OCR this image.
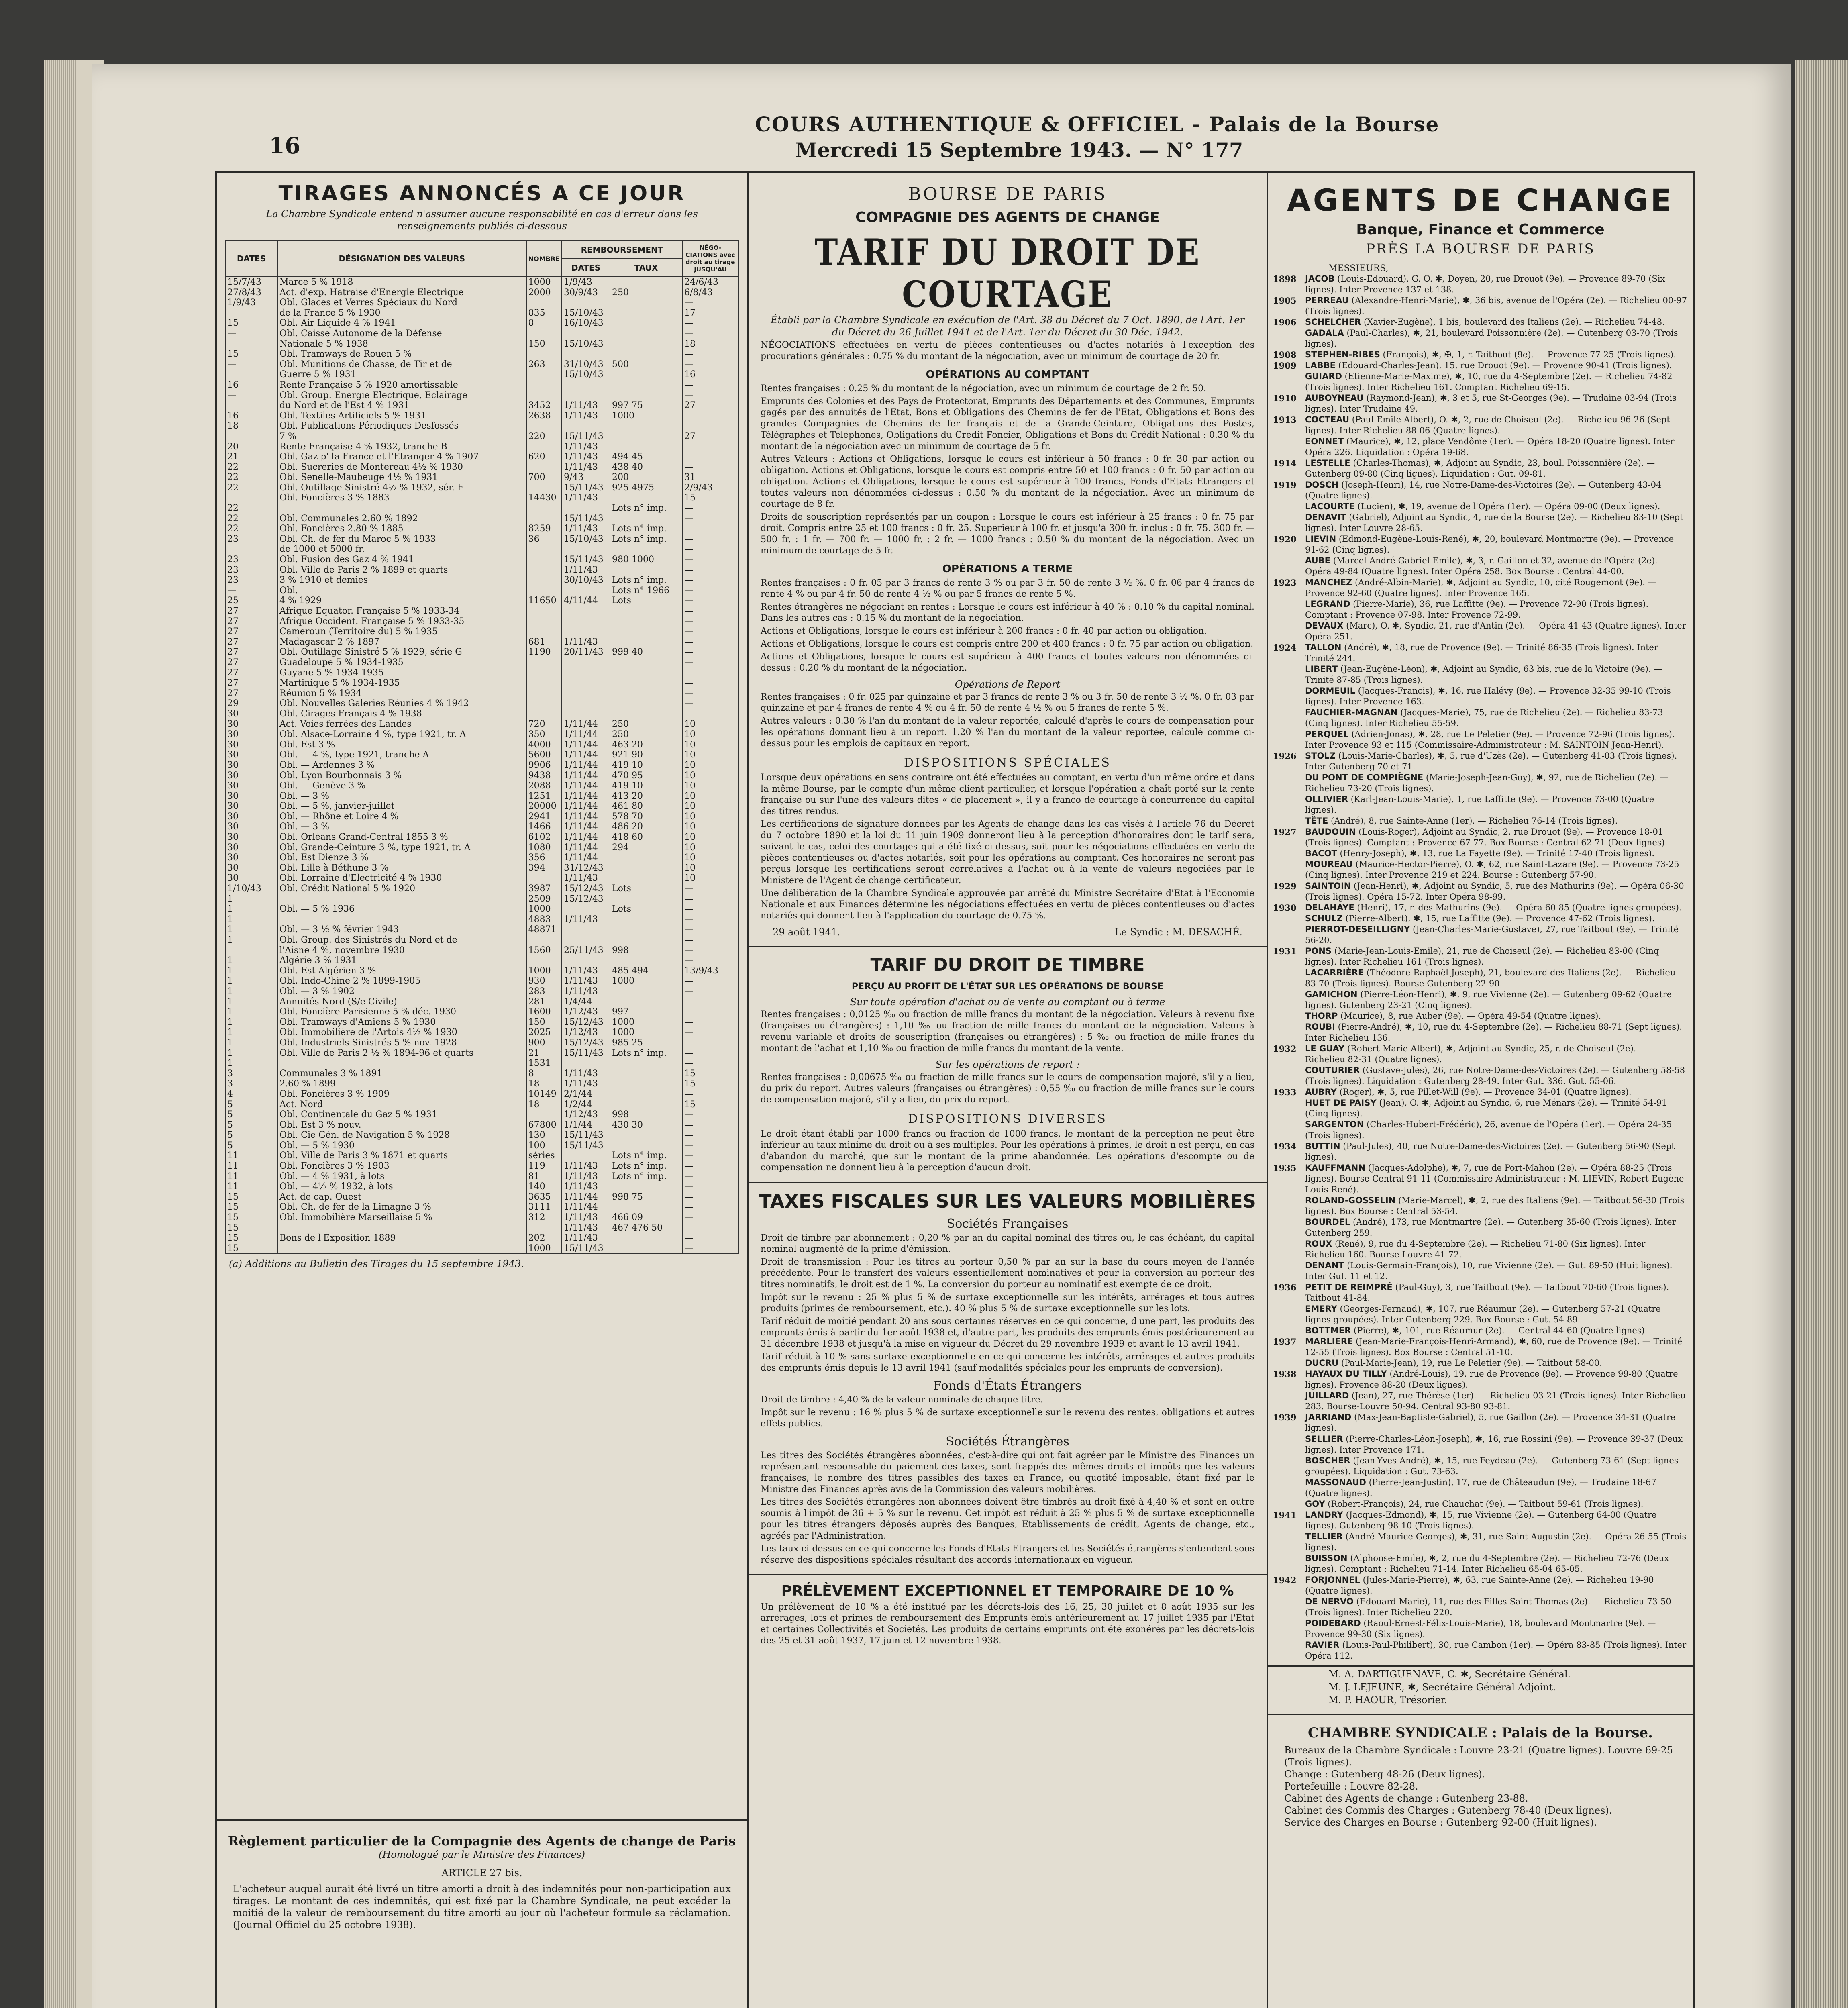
16
COURS AUTHENTIQUE & OFFICIEL - Palais de la Bourse
Mercredi 15 Septembre 1943. — N° 177
TIRAGES ANNONCÉS A CE JOUR
La Chambre Syndicale entend n'assumer aucune responsabilité en cas d'erreur dans les renseignements publiés ci-dessous
DATES	DÉSIGNATION DES VALEURS	NOMBRE	REMBOURSEMENT		NÉGO-CIATIONS avec droit au tirage JUSQU'AU
			DATES	TAUX	
15/7/43	Marce 5 % 1918	1000	1/9/43		24/6/43
27/8/43	Act. d'exp. Hatraise d'Energie Electrique	2000	30/9/43	250	6/8/43
1/9/43	Obl. Glaces et Verres Spéciaux du Nord				—
	de la France 5 % 1930	835	15/10/43		17
15	Obl. Air Liquide 4 % 1941	8	16/10/43		—
—	Obl. Caisse Autonome de la Défense				—
	Nationale 5 % 1938	150	15/10/43		18
15	Obl. Tramways de Rouen 5 %				—
—	Obl. Munitions de Chasse, de Tir et de	263	31/10/43	500	—
	Guerre 5 % 1931		15/10/43		16
16	Rente Française 5 % 1920 amortissable				—
—	Obl. Group. Energie Electrique, Eclairage				—
	du Nord et de l'Est 4 % 1931	3452	1/11/43	997 75	27
16	Obl. Textiles Artificiels 5 % 1931	2638	1/11/43	1000	—
18	Obl. Publications Périodiques Desfossés				—
	7 %	220	15/11/43		27
20	Rente Française 4 % 1932, tranche B		1/11/43		—
21	Obl. Gaz p' la France et l'Etranger 4 % 1907	620	1/11/43	494 45	—
22	Obl. Sucreries de Montereau 4½ % 1930		1/11/43	438 40	—
22	Obl. Senelle-Maubeuge 4½ % 1931	700	9/43	200	31
22	Obl. Outillage Sinistré 4½ % 1932, sér. F		15/11/43	925 4975	2/9/43
—	Obl. Foncières 3 % 1883	14430	1/11/43		15
22				Lots n° imp.	—
22	Obl. Communales 2.60 % 1892		15/11/43		—
22	Obl. Foncières 2.80 % 1885	8259	1/11/43	Lots n° imp.	—
23	Obl. Ch. de fer du Maroc 5 % 1933	36	15/10/43	Lots n° imp.	—
	de 1000 et 5000 fr.				—
23	Obl. Fusion des Gaz 4 % 1941		15/11/43	980 1000	—
23	Obl. Ville de Paris 2 % 1899 et quarts		1/11/43		—
23	3 % 1910 et demies		30/10/43	Lots n° imp.	—
—	Obl.			Lots n° 1966	—
25	4 % 1929	11650	4/11/44	Lots	—
27	Afrique Equator. Française 5 % 1933-34				—
27	Afrique Occident. Française 5 % 1933-35				—
27	Cameroun (Territoire du) 5 % 1935				—
27	Madagascar 2 % 1897	681	1/11/43		—
27	Obl. Outillage Sinistré 5 % 1929, série G	1190	20/11/43	999 40	—
27	Guadeloupe 5 % 1934-1935				—
27	Guyane 5 % 1934-1935				—
27	Martinique 5 % 1934-1935				—
27	Réunion 5 % 1934				—
29	Obl. Nouvelles Galeries Réunies 4 % 1942				—
30	Obl. Cirages Français 4 % 1938				—
30	Act. Voies ferrées des Landes	720	1/11/44	250	10
30	Obl. Alsace-Lorraine 4 %, type 1921, tr. A	350	1/11/44	250	10
30	Obl. Est 3 %	4000	1/11/44	463 20	10
30	Obl. — 4 %, type 1921, tranche A	5600	1/11/44	921 90	10
30	Obl. — Ardennes 3 %	9906	1/11/44	419 10	10
30	Obl. Lyon Bourbonnais 3 %	9438	1/11/44	470 95	10
30	Obl. — Genève 3 %	2088	1/11/44	419 10	10
30	Obl. — 3 %	1251	1/11/44	413 20	10
30	Obl. — 5 %, janvier-juillet	20000	1/11/44	461 80	10
30	Obl. — Rhône et Loire 4 %	2941	1/11/44	578 70	10
30	Obl. — 3 %	1466	1/11/44	486 20	10
30	Obl. Orléans Grand-Central 1855 3 %	6102	1/11/44	418 60	10
30	Obl. Grande-Ceinture 3 %, type 1921, tr. A	1080	1/11/44	294	10
30	Obl. Est Dienze 3 %	356	1/11/44		10
30	Obl. Lille à Béthune 3 %	394	31/12/43		10
30	Obl. Lorraine d'Electricité 4 % 1930		1/11/43		10
1/10/43	Obl. Crédit National 5 % 1920	3987	15/12/43	Lots	—
1		2509	15/12/43		—
1	Obl. — 5 % 1936	1000		Lots	—
1		4883	1/11/43		—
1	Obl. — 3 ½ % février 1943	48871			—
1	Obl. Group. des Sinistrés du Nord et de				—
	l'Aisne 4 %, novembre 1930	1560	25/11/43	998	—
1	Algérie 3 % 1931				—
1	Obl. Est-Algérien 3 %	1000	1/11/43	485 494	13/9/43
1	Obl. Indo-Chine 2 % 1899-1905	930	1/11/43	1000	—
1	Obl. — 3 % 1902	283	1/11/43		—
1	Annuités Nord (S/e Civile)	281	1/4/44		—
1	Obl. Foncière Parisienne 5 % déc. 1930	1600	1/12/43	997	—
1	Obl. Tramways d'Amiens 5 % 1930	150	15/12/43	1000	—
1	Obl. Immobilière de l'Artois 4½ % 1930	2025	1/12/43	1000	—
1	Obl. Industriels Sinistrés 5 % nov. 1928	900	15/12/43	985 25	—
1	Obl. Ville de Paris 2 ½ % 1894-96 et quarts	21	15/11/43	Lots n° imp.	—
1		1531			—
3	Communales 3 % 1891	8	1/11/43		15
3	2.60 % 1899	18	1/11/43		15
4	Obl. Foncières 3 % 1909	10149	2/1/44		—
5	Act. Nord	18	1/2/44		15
5	Obl. Continentale du Gaz 5 % 1931		1/12/43	998	—
5	Obl. Est 3 % nouv.	67800	1/1/44	430 30	—
5	Obl. Cie Gén. de Navigation 5 % 1928	130	15/11/43		—
5	Obl. — 5 % 1930	100	15/11/43		—
11	Obl. Ville de Paris 3 % 1871 et quarts	séries		Lots n° imp.	—
11	Obl. Foncières 3 % 1903	119	1/11/43	Lots n° imp.	—
11	Obl. — 4 % 1931, à lots	81	1/11/43	Lots n° imp.	—
11	Obl. — 4½ % 1932, à lots	140	1/11/43		—
15	Act. de cap. Ouest	3635	1/11/44	998 75	—
15	Obl. Ch. de fer de la Limagne 3 %	3111	1/11/44		—
15	Obl. Immobilière Marseillaise 5 %	312	1/11/43	466 09	—
15			1/11/43	467 476 50	—
15	Bons de l'Exposition 1889	202	1/11/43		—
15		1000	15/11/43		—
(a) Additions au Bulletin des Tirages du 15 septembre 1943.
Règlement particulier de la Compagnie des Agents de change de Paris
(Homologué par le Ministre des Finances)
ARTICLE 27 bis.
L'acheteur auquel aurait été livré un titre amorti a droit à des indemnités pour non-participation aux tirages. Le montant de ces indemnités, qui est fixé par la Chambre Syndicale, ne peut excéder la moitié de la valeur de remboursement du titre amorti au jour où l'acheteur formule sa réclamation. (Journal Officiel du 25 octobre 1938).
BOURSE DE PARIS
COMPAGNIE DES AGENTS DE CHANGE
TARIF DU DROIT DE COURTAGE
Établi par la Chambre Syndicale en exécution de l'Art. 38 du Décret du 7 Oct. 1890, de l'Art. 1er du Décret du 26 Juillet 1941 et de l'Art. 1er du Décret du 30 Déc. 1942.

NÉGOCIATIONS effectuées en vertu de pièces contentieuses ou d'actes notariés à l'exception des procurations générales : 0.75 % du montant de la négociation, avec un minimum de courtage de 20 fr.

OPÉRATIONS AU COMPTANT

Rentes françaises : 0.25 % du montant de la négociation, avec un minimum de courtage de 2 fr. 50.

Emprunts des Colonies et des Pays de Protectorat, Emprunts des Départements et des Communes, Emprunts gagés par des annuités de l'Etat, Bons et Obligations des Chemins de fer de l'Etat, Obligations et Bons des grandes Compagnies de Chemins de fer français et de la Grande-Ceinture, Obligations des Postes, Télégraphes et Téléphones, Obligations du Crédit Foncier, Obligations et Bons du Crédit National : 0.30 % du montant de la négociation avec un minimum de courtage de 5 fr.

Autres Valeurs : Actions et Obligations, lorsque le cours est inférieur à 50 francs : 0 fr. 30 par action ou obligation. Actions et Obligations, lorsque le cours est compris entre 50 et 100 francs : 0 fr. 50 par action ou obligation. Actions et Obligations, lorsque le cours est supérieur à 100 francs, Fonds d'Etats Etrangers et toutes valeurs non dénommées ci-dessus : 0.50 % du montant de la négociation. Avec un minimum de courtage de 8 fr.

Droits de souscription représentés par un coupon : Lorsque le cours est inférieur à 25 francs : 0 fr. 75 par droit. Compris entre 25 et 100 francs : 0 fr. 25. Supérieur à 100 fr. et jusqu'à 300 fr. inclus : 0 fr. 75. 300 fr. — 500 fr. : 1 fr. — 700 fr. — 1000 fr. : 2 fr. — 1000 francs : 0.50 % du montant de la négociation. Avec un minimum de courtage de 5 fr.

OPÉRATIONS A TERME

Rentes françaises : 0 fr. 05 par 3 francs de rente 3 % ou par 3 fr. 50 de rente 3 ½ %. 0 fr. 06 par 4 francs de rente 4 % ou par 4 fr. 50 de rente 4 ½ % ou par 5 francs de rente 5 %.

Rentes étrangères ne négociant en rentes : Lorsque le cours est inférieur à 40 % : 0.10 % du capital nominal. Dans les autres cas : 0.15 % du montant de la négociation.

Actions et Obligations, lorsque le cours est inférieur à 200 francs : 0 fr. 40 par action ou obligation.

Actions et Obligations, lorsque le cours est compris entre 200 et 400 francs : 0 fr. 75 par action ou obligation.

Actions et Obligations, lorsque le cours est supérieur à 400 francs et toutes valeurs non dénommées ci-dessus : 0.20 % du montant de la négociation.

Opérations de Report

Rentes françaises : 0 fr. 025 par quinzaine et par 3 francs de rente 3 % ou 3 fr. 50 de rente 3 ½ %. 0 fr. 03 par quinzaine et par 4 francs de rente 4 % ou 4 fr. 50 de rente 4 ½ % ou 5 francs de rente 5 %.

Autres valeurs : 0.30 % l'an du montant de la valeur reportée, calculé d'après le cours de compensation pour les opérations donnant lieu à un report. 1.20 % l'an du montant de la valeur reportée, calculé comme ci-dessus pour les emplois de capitaux en report.

DISPOSITIONS SPÉCIALES

Lorsque deux opérations en sens contraire ont été effectuées au comptant, en vertu d'un même ordre et dans la même Bourse, par le compte d'un même client particulier, et lorsque l'opération a chaît porté sur la rente française ou sur l'une des valeurs dites « de placement », il y a franco de courtage à concurrence du capital des titres rendus.

Les certifications de signature données par les Agents de change dans les cas visés à l'article 76 du Décret du 7 octobre 1890 et la loi du 11 juin 1909 donneront lieu à la perception d'honoraires dont le tarif sera, suivant le cas, celui des courtages qui a été fixé ci-dessus, soit pour les négociations effectuées en vertu de pièces contentieuses ou d'actes notariés, soit pour les opérations au comptant. Ces honoraires ne seront pas perçus lorsque les certifications seront corrélatives à l'achat ou à la vente de valeurs négociées par le Ministère de l'Agent de change certificateur.

Une délibération de la Chambre Syndicale approuvée par arrêté du Ministre Secrétaire d'Etat à l'Economie Nationale et aux Finances détermine les négociations effectuées en vertu de pièces contentieuses ou d'actes notariés qui donnent lieu à l'application du courtage de 0.75 %.

29 août 1941.	Le Syndic : M. DESACHÉ.
TARIF DU DROIT DE TIMBRE
PERÇU AU PROFIT DE L'ÉTAT SUR LES OPÉRATIONS DE BOURSE
Sur toute opération d'achat ou de vente au comptant ou à terme

Rentes françaises : 0,0125 ‰ ou fraction de mille francs du montant de la négociation. Valeurs à revenu fixe (françaises ou étrangères) : 1,10 ‰ ou fraction de mille francs du montant de la négociation. Valeurs à revenu variable et droits de souscription (françaises ou étrangères) : 5 ‰ ou fraction de mille francs du montant de l'achat et 1,10 ‰ ou fraction de mille francs du montant de la vente.

Sur les opérations de report :

Rentes françaises : 0,00675 ‰ ou fraction de mille francs sur le cours de compensation majoré, s'il y a lieu, du prix du report. Autres valeurs (françaises ou étrangères) : 0,55 ‰ ou fraction de mille francs sur le cours de compensation majoré, s'il y a lieu, du prix du report.

DISPOSITIONS DIVERSES

Le droit étant établi par 1000 francs ou fraction de 1000 francs, le montant de la perception ne peut être inférieur au taux minime du droit ou à ses multiples. Pour les opérations à primes, le droit n'est perçu, en cas d'abandon du marché, que sur le montant de la prime abandonnée. Les opérations d'escompte ou de compensation ne donnent lieu à la perception d'aucun droit.

TAXES FISCALES SUR LES VALEURS MOBILIÈRES
Sociétés Françaises

Droit de timbre par abonnement : 0,20 % par an du capital nominal des titres ou, le cas échéant, du capital nominal augmenté de la prime d'émission.

Droit de transmission : Pour les titres au porteur 0,50 % par an sur la base du cours moyen de l'année précédente. Pour le transfert des valeurs essentiellement nominatives et pour la conversion au porteur des titres nominatifs, le droit est de 1 %. La conversion du porteur au nominatif est exempte de ce droit.

Impôt sur le revenu : 25 % plus 5 % de surtaxe exceptionnelle sur les intérêts, arrérages et tous autres produits (primes de remboursement, etc.). 40 % plus 5 % de surtaxe exceptionnelle sur les lots.

Tarif réduit de moitié pendant 20 ans sous certaines réserves en ce qui concerne, d'une part, les produits des emprunts émis à partir du 1er août 1938 et, d'autre part, les produits des emprunts émis postérieurement au 31 décembre 1938 et jusqu'à la mise en vigueur du Décret du 29 novembre 1939 et avant le 13 avril 1941.

Tarif réduit à 10 % sans surtaxe exceptionnelle en ce qui concerne les intérêts, arrérages et autres produits des emprunts émis depuis le 13 avril 1941 (sauf modalités spéciales pour les emprunts de conversion).

Fonds d'États Étrangers

Droit de timbre : 4,40 % de la valeur nominale de chaque titre.

Impôt sur le revenu : 16 % plus 5 % de surtaxe exceptionnelle sur le revenu des rentes, obligations et autres effets publics.

Sociétés Étrangères

Les titres des Sociétés étrangères abonnées, c'est-à-dire qui ont fait agréer par le Ministre des Finances un représentant responsable du paiement des taxes, sont frappés des mêmes droits et impôts que les valeurs françaises, le nombre des titres passibles des taxes en France, ou quotité imposable, étant fixé par le Ministre des Finances après avis de la Commission des valeurs mobilières.

Les titres des Sociétés étrangères non abonnées doivent être timbrés au droit fixé à 4,40 % et sont en outre soumis à l'impôt de 36 + 5 % sur le revenu. Cet impôt est réduit à 25 % plus 5 % de surtaxe exceptionnelle pour les titres étrangers déposés auprès des Banques, Etablissements de crédit, Agents de change, etc., agréés par l'Administration.

Les taux ci-dessus en ce qui concerne les Fonds d'Etats Etrangers et les Sociétés étrangères s'entendent sous réserve des dispositions spéciales résultant des accords internationaux en vigueur.

PRÉLÈVEMENT EXCEPTIONNEL ET TEMPORAIRE DE 10 %

Un prélèvement de 10 % a été institué par les décrets-lois des 16, 25, 30 juillet et 8 août 1935 sur les arrérages, lots et primes de remboursement des Emprunts émis antérieurement au 17 juillet 1935 par l'Etat et certaines Collectivités et Sociétés. Les produits de certains emprunts ont été exonérés par les décrets-lois des 25 et 31 août 1937, 17 juin et 12 novembre 1938.

AGENTS DE CHANGE
Banque, Finance et Commerce
PRÈS LA BOURSE DE PARIS
MESSIEURS,
1898	JACOB (Louis-Edouard), G. O. ✱, Doyen, 20, rue Drouot (9e). — Provence 89-70 (Six lignes). Inter Provence 137 et 138.
1905	PERREAU (Alexandre-Henri-Marie), ✱, 36 bis, avenue de l'Opéra (2e). — Richelieu 00-97 (Trois lignes).
1906	SCHELCHER (Xavier-Eugène), 1 bis, boulevard des Italiens (2e). — Richelieu 74-48.
GADALA (Paul-Charles), ✱, 21, boulevard Poissonnière (2e). — Gutenberg 03-70 (Trois lignes).
1908	STEPHEN-RIBES (François), ✱, ✠, 1, r. Taitbout (9e). — Provence 77-25 (Trois lignes).
1909	LABBE (Edouard-Charles-Jean), 15, rue Drouot (9e). — Provence 90-41 (Trois lignes).
GUIARD (Etienne-Marie-Maxime), ✱, 10, rue du 4-Septembre (2e). — Richelieu 74-82 (Trois lignes). Inter Richelieu 161. Comptant Richelieu 69-15.
1910	AUBOYNEAU (Raymond-Jean), ✱, 3 et 5, rue St-Georges (9e). — Trudaine 03-94 (Trois lignes). Inter Trudaine 49.
1913	COCTEAU (Paul-Emile-Albert), O. ✱, 2, rue de Choiseul (2e). — Richelieu 96-26 (Sept lignes). Inter Richelieu 88-06 (Quatre lignes).
EONNET (Maurice), ✱, 12, place Vendôme (1er). — Opéra 18-20 (Quatre lignes). Inter Opéra 226. Liquidation : Opéra 19-68.
1914	LESTELLE (Charles-Thomas), ✱, Adjoint au Syndic, 23, boul. Poissonnière (2e). — Gutenberg 09-80 (Cinq lignes). Liquidation : Gut. 09-81.
1919	DOSCH (Joseph-Henri), 14, rue Notre-Dame-des-Victoires (2e). — Gutenberg 43-04 (Quatre lignes).
LACOURTE (Lucien), ✱, 19, avenue de l'Opéra (1er). — Opéra 09-00 (Deux lignes).
DENAVIT (Gabriel), Adjoint au Syndic, 4, rue de la Bourse (2e). — Richelieu 83-10 (Sept lignes). Inter Louvre 28-65.
1920	LIEVIN (Edmond-Eugène-Louis-René), ✱, 20, boulevard Montmartre (9e). — Provence 91-62 (Cinq lignes).
AUBE (Marcel-André-Gabriel-Emile), ✱, 3, r. Gaillon et 32, avenue de l'Opéra (2e). — Opéra 49-84 (Quatre lignes). Inter Opéra 258. Box Bourse : Central 44-00.
1923	MANCHEZ (André-Albin-Marie), ✱, Adjoint au Syndic, 10, cité Rougemont (9e). — Provence 92-60 (Quatre lignes). Inter Provence 165.
LEGRAND (Pierre-Marie), 36, rue Laffitte (9e). — Provence 72-90 (Trois lignes). Comptant : Provence 07-98. Inter Provence 72-99.
DEVAUX (Marc), O. ✱, Syndic, 21, rue d'Antin (2e). — Opéra 41-43 (Quatre lignes). Inter Opéra 251.
1924	TALLON (André), ✱, 18, rue de Provence (9e). — Trinité 86-35 (Trois lignes). Inter Trinité 244.
LIBERT (Jean-Eugène-Léon), ✱, Adjoint au Syndic, 63 bis, rue de la Victoire (9e). — Trinité 87-85 (Trois lignes).
DORMEUIL (Jacques-Francis), ✱, 16, rue Halévy (9e). — Provence 32-35 99-10 (Trois lignes). Inter Provence 163.
FAUCHIER-MAGNAN (Jacques-Marie), 75, rue de Richelieu (2e). — Richelieu 83-73 (Cinq lignes). Inter Richelieu 55-59.
PERQUEL (Adrien-Jonas), ✱, 28, rue Le Peletier (9e). — Provence 72-96 (Trois lignes). Inter Provence 93 et 115 (Commissaire-Administrateur : M. SAINTOIN Jean-Henri).
1926	STOLZ (Louis-Marie-Charles), ✱, 5, rue d'Uzès (2e). — Gutenberg 41-03 (Trois lignes). Inter Gutenberg 70 et 71.
DU PONT DE COMPIÈGNE (Marie-Joseph-Jean-Guy), ✱, 92, rue de Richelieu (2e). — Richelieu 73-20 (Trois lignes).
OLLIVIER (Karl-Jean-Louis-Marie), 1, rue Laffitte (9e). — Provence 73-00 (Quatre lignes).
TÊTE (André), 8, rue Sainte-Anne (1er). — Richelieu 76-14 (Trois lignes).
1927	BAUDOUIN (Louis-Roger), Adjoint au Syndic, 2, rue Drouot (9e). — Provence 18-01 (Trois lignes). Comptant : Provence 67-77. Box Bourse : Central 62-71 (Deux lignes).
BACOT (Henry-Joseph), ✱, 13, rue La Fayette (9e). — Trinité 17-40 (Trois lignes).
MOUREAU (Maurice-Hector-Pierre), O. ✱, 62, rue Saint-Lazare (9e). — Provence 73-25 (Cinq lignes). Inter Provence 219 et 224. Bourse : Gutenberg 57-90.
1929	SAINTOIN (Jean-Henri), ✱, Adjoint au Syndic, 5, rue des Mathurins (9e). — Opéra 06-30 (Trois lignes). Opéra 15-72. Inter Opéra 98-99.
1930	DELAHAYE (Henri), 17, r. des Mathurins (9e). — Opéra 60-85 (Quatre lignes groupées).
SCHULZ (Pierre-Albert), ✱, 15, rue Laffitte (9e). — Provence 47-62 (Trois lignes).
PIERROT-DESEILLIGNY (Jean-Charles-Marie-Gustave), 27, rue Taitbout (9e). — Trinité 56-20.
1931	PONS (Marie-Jean-Louis-Emile), 21, rue de Choiseul (2e). — Richelieu 83-00 (Cinq lignes). Inter Richelieu 161 (Trois lignes).
LACARRIÈRE (Théodore-Raphaël-Joseph), 21, boulevard des Italiens (2e). — Richelieu 83-70 (Trois lignes). Bourse-Gutenberg 22-90.
GAMICHON (Pierre-Léon-Henri), ✱, 9, rue Vivienne (2e). — Gutenberg 09-62 (Quatre lignes). Gutenberg 23-21 (Cinq lignes).
THORP (Maurice), 8, rue Auber (9e). — Opéra 49-54 (Quatre lignes).
ROUBI (Pierre-André), ✱, 10, rue du 4-Septembre (2e). — Richelieu 88-71 (Sept lignes). Inter Richelieu 136.
1932	LE GUAY (Robert-Marie-Albert), ✱, Adjoint au Syndic, 25, r. de Choiseul (2e). — Richelieu 82-31 (Quatre lignes).
COUTURIER (Gustave-Jules), 26, rue Notre-Dame-des-Victoires (2e). — Gutenberg 58-58 (Trois lignes). Liquidation : Gutenberg 28-49. Inter Gut. 336. Gut. 55-06.
1933	AUBRY (Roger), ✱, 5, rue Pillet-Will (9e). — Provence 34-01 (Quatre lignes).
HUET DE PAISY (Jean), O. ✱, Adjoint au Syndic, 6, rue Ménars (2e). — Trinité 54-91 (Cinq lignes).
SARGENTON (Charles-Hubert-Frédéric), 26, avenue de l'Opéra (1er). — Opéra 24-35 (Trois lignes).
1934	BUTTIN (Paul-Jules), 40, rue Notre-Dame-des-Victoires (2e). — Gutenberg 56-90 (Sept lignes).
1935	KAUFFMANN (Jacques-Adolphe), ✱, 7, rue de Port-Mahon (2e). — Opéra 88-25 (Trois lignes). Bourse-Central 91-11 (Commissaire-Administrateur : M. LIEVIN, Robert-Eugène-Louis-René).
ROLAND-GOSSELIN (Marie-Marcel), ✱, 2, rue des Italiens (9e). — Taitbout 56-30 (Trois lignes). Box Bourse : Central 53-54.
BOURDEL (André), 173, rue Montmartre (2e). — Gutenberg 35-60 (Trois lignes). Inter Gutenberg 259.
ROUX (René), 9, rue du 4-Septembre (2e). — Richelieu 71-80 (Six lignes). Inter Richelieu 160. Bourse-Louvre 41-72.
DENANT (Louis-Germain-François), 10, rue Vivienne (2e). — Gut. 89-50 (Huit lignes). Inter Gut. 11 et 12.
1936	PETIT DE REIMPRÉ (Paul-Guy), 3, rue Taitbout (9e). — Taitbout 70-60 (Trois lignes). Taitbout 41-84.
EMERY (Georges-Fernand), ✱, 107, rue Réaumur (2e). — Gutenberg 57-21 (Quatre lignes groupées). Inter Gutenberg 229. Box Bourse : Gut. 54-89.
BOTTMER (Pierre), ✱, 101, rue Réaumur (2e). — Central 44-60 (Quatre lignes).
1937	MARLIERE (Jean-Marie-François-Henri-Armand), ✱, 60, rue de Provence (9e). — Trinité 12-55 (Trois lignes). Box Bourse : Central 51-10.
DUCRU (Paul-Marie-Jean), 19, rue Le Peletier (9e). — Taitbout 58-00.
1938	HAYAUX DU TILLY (André-Louis), 19, rue de Provence (9e). — Provence 99-80 (Quatre lignes). Provence 88-20 (Deux lignes).
JUILLARD (Jean), 27, rue Thérèse (1er). — Richelieu 03-21 (Trois lignes). Inter Richelieu 283. Bourse-Louvre 50-94. Central 93-80 93-81.
1939	JARRIAND (Max-Jean-Baptiste-Gabriel), 5, rue Gaillon (2e). — Provence 34-31 (Quatre lignes).
SELLIER (Pierre-Charles-Léon-Joseph), ✱, 16, rue Rossini (9e). — Provence 39-37 (Deux lignes). Inter Provence 171.
BOSCHER (Jean-Yves-André), ✱, 15, rue Feydeau (2e). — Gutenberg 73-61 (Sept lignes groupées). Liquidation : Gut. 73-63.
MASSONAUD (Pierre-Jean-Justin), 17, rue de Châteaudun (9e). — Trudaine 18-67 (Quatre lignes).
GOY (Robert-François), 24, rue Chauchat (9e). — Taitbout 59-61 (Trois lignes).
1941	LANDRY (Jacques-Edmond), ✱, 15, rue Vivienne (2e). — Gutenberg 64-00 (Quatre lignes). Gutenberg 98-10 (Trois lignes).
TELLIER (André-Maurice-Georges), ✱, 31, rue Saint-Augustin (2e). — Opéra 26-55 (Trois lignes).
BUISSON (Alphonse-Emile), ✱, 2, rue du 4-Septembre (2e). — Richelieu 72-76 (Deux lignes). Comptant : Richelieu 71-14. Inter Richelieu 65-04 65-05.
1942	FORJONNEL (Jules-Marie-Pierre), ✱, 63, rue Sainte-Anne (2e). — Richelieu 19-90 (Quatre lignes).
DE NERVO (Edouard-Marie), 11, rue des Filles-Saint-Thomas (2e). — Richelieu 73-50 (Trois lignes). Inter Richelieu 220.
POIDEBARD (Raoul-Ernest-Félix-Louis-Marie), 18, boulevard Montmartre (9e). — Provence 99-30 (Six lignes).
RAVIER (Louis-Paul-Philibert), 30, rue Cambon (1er). — Opéra 83-85 (Trois lignes). Inter Opéra 112.
M. A. DARTIGUENAVE, C. ✱, Secrétaire Général.
M. J. LEJEUNE, ✱, Secrétaire Général Adjoint.
M. P. HAOUR, Trésorier.
CHAMBRE SYNDICALE : Palais de la Bourse.
Bureaux de la Chambre Syndicale : Louvre 23-21 (Quatre lignes). Louvre 69-25 (Trois lignes).
Change : Gutenberg 48-26 (Deux lignes).
Portefeuille : Louvre 82-28.
Cabinet des Agents de change : Gutenberg 23-88.
Cabinet des Commis des Charges : Gutenberg 78-40 (Deux lignes).
Service des Charges en Bourse : Gutenberg 92-00 (Huit lignes).
